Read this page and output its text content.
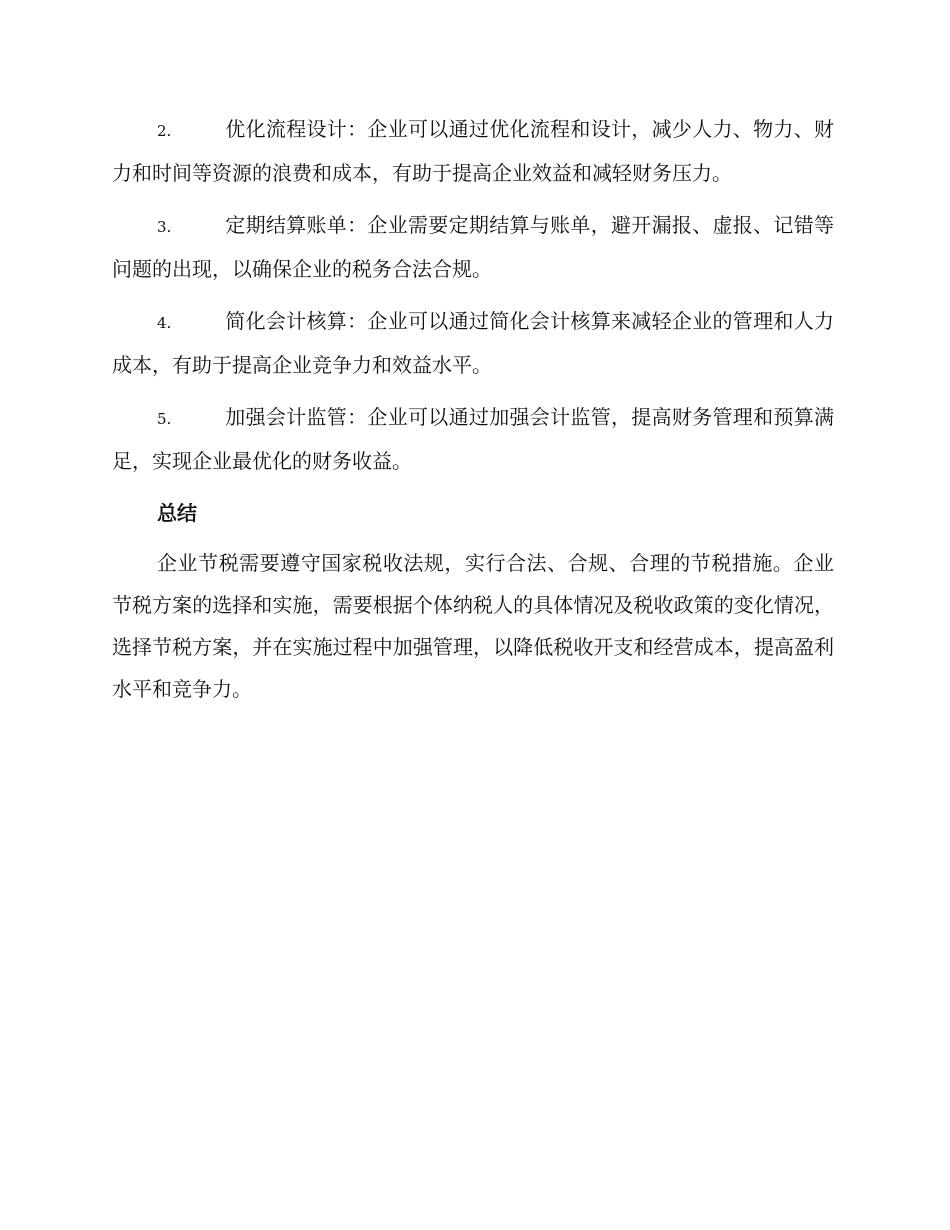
2.	优化流程设计：企业可以通过优化流程和设计，减少人力、物力、财力和时间等资源的浪费和成本，有助于提高企业效益和减轻财务压力。
3.	定期结算账单：企业需要定期结算与账单，避开漏报、虚报、记错等问题的出现，以确保企业的税务合法合规。
4.	简化会计核算：企业可以通过简化会计核算来减轻企业的管理和人力成本，有助于提高企业竞争力和效益水平。
5.	加强会计监管：企业可以通过加强会计监管，提高财务管理和预算满足，实现企业最优化的财务收益。
总结

企业节税需要遵守国家税收法规，实行合法、合规、合理的节税措施。企业节税方案的选择和实施，需要根据个体纳税人的具体情况及税收政策的变化情况，选择节税方案，并在实施过程中加强管理，以降低税收开支和经营成本，提高盈利水平和竞争力。
